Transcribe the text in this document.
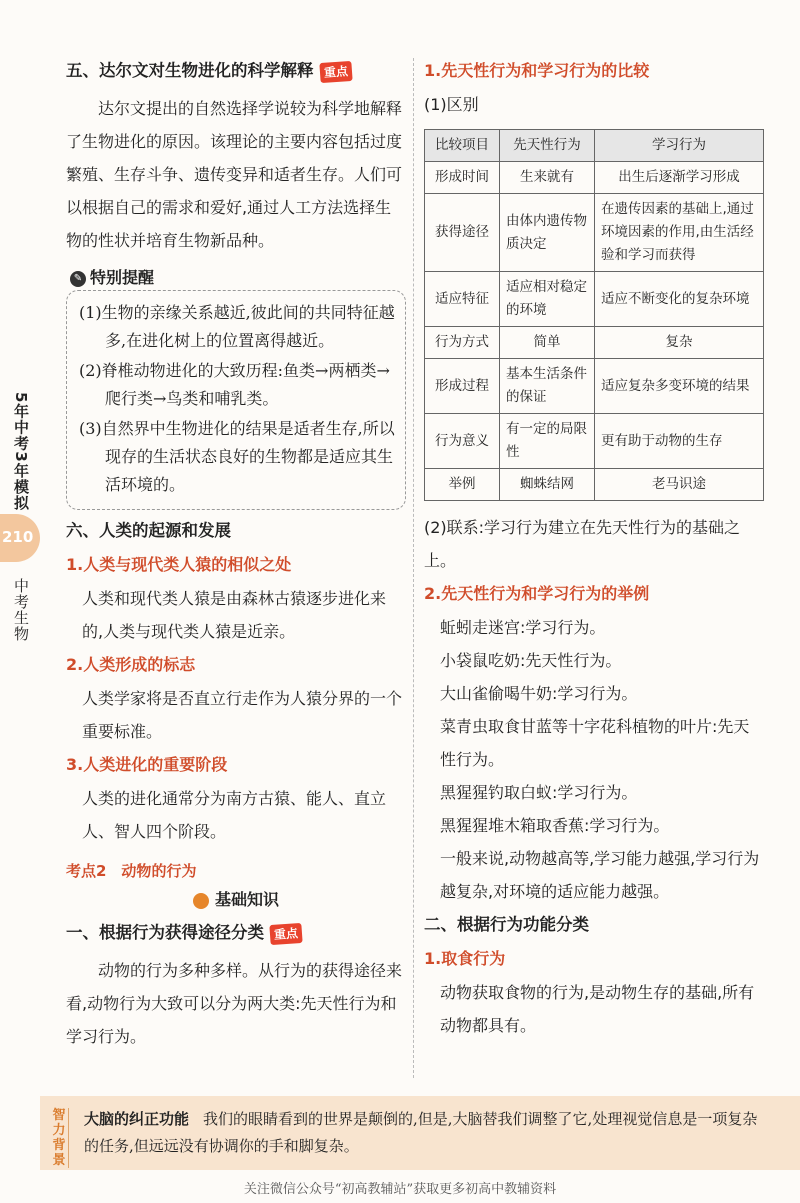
5年中考3年模拟
210
中考生物
五、达尔文对生物进化的科学解释 重点

达尔文提出的自然选择学说较为科学地解释了生物进化的原因。该理论的主要内容包括过度繁殖、生存斗争、遗传变异和适者生存。人们可以根据自己的需求和爱好,通过人工方法选择生物的性状并培育生物新品种。

✎ 特别提醒
(1)生物的亲缘关系越近,彼此间的共同特征越多,在进化树上的位置离得越近。
(2)脊椎动物进化的大致历程:鱼类→两栖类→爬行类→鸟类和哺乳类。
(3)自然界中生物进化的结果是适者生存,所以现存的生活状态良好的生物都是适应其生活环境的。
六、人类的起源和发展
1.人类与现代类人猿的相似之处

人类和现代类人猿是由森林古猿逐步进化来的,人类与现代类人猿是近亲。

2.人类形成的标志

人类学家将是否直立行走作为人猿分界的一个重要标准。

3.人类进化的重要阶段

人类的进化通常分为南方古猿、能人、直立人、智人四个阶段。

考点2　动物的行为
基础知识
一、根据行为获得途径分类 重点

动物的行为多种多样。从行为的获得途径来看,动物行为大致可以分为两大类:先天性行为和学习行为。

1.先天性行为和学习行为的比较
(1)区别
比较项目	先天性行为	学习行为
形成时间	生来就有	出生后逐渐学习形成
获得途径	由体内遗传物质决定	在遗传因素的基础上,通过环境因素的作用,由生活经验和学习而获得
适应特征	适应相对稳定的环境	适应不断变化的复杂环境
行为方式	简单	复杂
形成过程	基本生活条件的保证	适应复杂多变环境的结果
行为意义	有一定的局限性	更有助于动物的生存
举例	蜘蛛结网	老马识途

(2)联系:学习行为建立在先天性行为的基础之上。

2.先天性行为和学习行为的举例

蚯蚓走迷宫:学习行为。

小袋鼠吃奶:先天性行为。

大山雀偷喝牛奶:学习行为。

菜青虫取食甘蓝等十字花科植物的叶片:先天性行为。

黑猩猩钓取白蚁:学习行为。

黑猩猩堆木箱取香蕉:学习行为。

一般来说,动物越高等,学习能力越强,学习行为越复杂,对环境的适应能力越强。

二、根据行为功能分类
1.取食行为

动物获取食物的行为,是动物生存的基础,所有动物都具有。

智力背景
大脑的纠正功能 我们的眼睛看到的世界是颠倒的,但是,大脑替我们调整了它,处理视觉信息是一项复杂的任务,但远远没有协调你的手和脚复杂。
关注微信公众号“初高教辅站”获取更多初高中教辅资料
